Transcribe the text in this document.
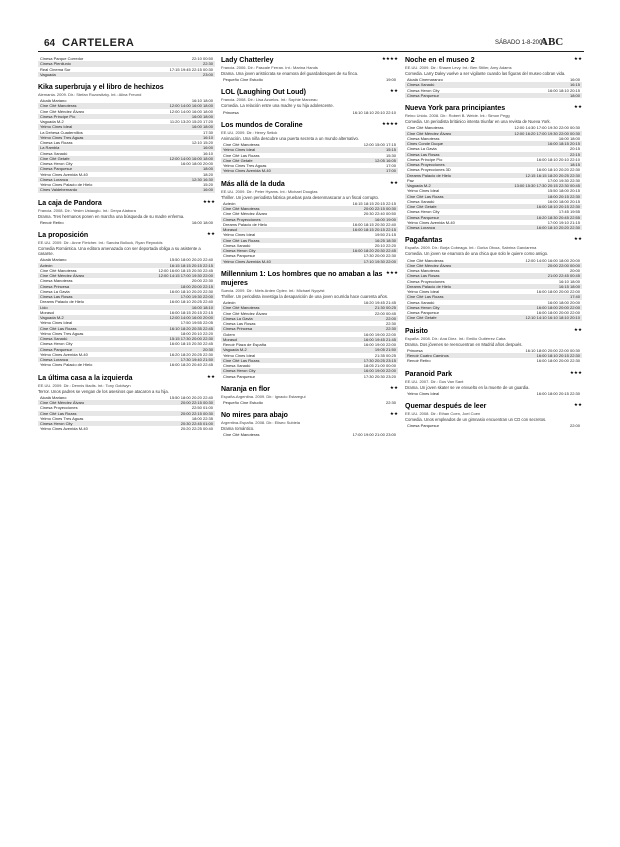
64 CARTELERA	SÁBADO 1-8-2009
ABC
Cinesa Parque Corredor	22:10 00:50
Cinesa Plenilunio	22:30
Real Cinema Sur	17:15 19:45 22:15 00:30
Vaguada	23:00
Kika superbruja y el libro de hechizos
Alemania. 2009. Dir.: Stefan Ruzowitzky. Int.: Alina Freund
Alcalá Mariano	16:10 18:00
Cine Cité Manoteras	12:00 14:00 16:00 18:00
Cine Cité Méndez Álvaro	12:00 14:00 16:00 18:00
Cinesa Príncipe Pío	16:00 18:00
Vaguada M-2	11:20 13:20 15:20 17:20
Yelmo Cines Ideal	16:00 18:00
La Dehesa Cuadernillos	17:30
Yelmo Cines Tres Aguas	16:10
Cinesa Las Rozas	12:10 15:20
La Rambla	16:00
Cinesa Xanadú	16:10
Cine Cité Getafe	12:00 14:00 16:00 18:00
Cinesa Heron City	16:00 18:00 20:00
Cinesa Parquesur	18:00
Yelmo Cines Avenida M-40	18:20
Cinesa Loranca	12:30 16:30
Yelmo Cines Palacio de Hielo	15:20
Cines Valdebernardo	16:00
★★★
La caja de Pandora
Francia. 2008. Dir.: Yesim Ustaoglu. Int.: Derya Alabora
Drama. Tres hermanos ponen en marcha una búsqueda de su madre enferma.
Renoir Retiro	16:00 18:00
★★
La proposición
EE.UU. 2009. Dir.: Anne Fletcher. Int.: Sandra Bullock, Ryan Reynolds
Comedia Romántica. Una editora amenazada con ser deportada obliga a su asistente a casarse.
Alcalá Mariano	15:50 18:00 20:20 22:40
Acteón	16:15 18:15 20:15 22:15
Cine Cité Manoteras	12:00 16:00 18:15 20:30 22:45
Cine Cité Méndez Álvaro	12:00 14:15 17:00 19:30 22:00
Cinesa Manoteras	20:00 22:30
Cinesa Princesa	18:00 20:00 22:15
Cinesa La Gavia	16:00 18:10 20:20 22:30
Cinesa Las Rosas	17:00 19:30 22:00
Dreams Palacio de Hielo	16:00 18:10 20:25 22:40
Lido	16:00 18:10
Morasol	16:00 18:15 20:15 22:15
Vaguada M-2	12:00 14:00 16:00 20:00
Yelmo Cines Ideal	17:50 19:55 22:05
Cine Cité Las Rozas	16:10 18:20 20:35 22:45
Yelmo Cines Tres Aguas	18:00 20:10 22:20
Cinesa Xanadú	15:15 17:30 20:00 22:30
Cinesa Heron City	16:00 18:15 20:30 22:45
Cinesa Parquesur	20:30
Yelmo Cines Avenida M-40	16:20 18:20 20:25 22:30
Cinesa Loranca	17:30 19:40 21:50
Yelmo Cines Palacio de Hielo	16:00 18:20 20:40 22:45
★★
La última casa a la izquierda
EE.UU. 2009. Dir.: Dennis Iliadis. Int.: Tony Goldwyn
Terror. Unos padres se vengan de los asesinos que atacaron a su hija.
Alcalá Mariano	15:50 18:00 20:20 22:40
Cine Cité Méndez Álvaro	20:00 22:15 00:30
Cinesa Proyecciones	22:50 01:00
Cine Cité Las Rozas	20:00 22:15 00:30
Yelmo Cines Tres Aguas	18:00 22:35
Cinesa Heron City	20:30 22:45 01:00
Yelmo Cines Avenida M-40	20:20 22:25 00:40
★★★★
Lady Chatterley
Francia. 2006. Dir.: Pascale Ferran. Int.: Marina Hands
Drama. Una joven aristócrata se enamora del guardabosques de su finca.
Pequeño Cine Estudio	19:00
★★
LOL (Laughing Out Loud)
Francia. 2008. Dir.: Lisa Azuelos. Int.: Sophie Marceau
Comedia. La relación entre una madre y su hija adolescente.
Princesa	16:10 18:10 20:10 22:10
★★★★
Los mundos de Coraline
EE.UU. 2009. Dir.: Henry Selick
Animación. Una niña descubre una puerta secreta a un mundo alternativo.
Cine Cité Manoteras	12:00 15:00 17:15
Yelmo Cines Ideal	15:15
Cine Cité Las Rozas	15:30
Cine Cité Getafe	12:05 16:05
Yelmo Cines Tres Aguas	17:00
Yelmo Cines Avenida M-40	17:00
★★
Más allá de la duda
EE.UU. 2009. Dir.: Peter Hyams. Int.: Michael Douglas
Thriller. Un joven periodista fabrica pruebas para desenmascarar a un fiscal corrupto.
Acteón	16:15 18:15 20:15 22:15
Cine Cité Manoteras	20:00 22:15 00:30
Cine Cité Méndez Álvaro	20:30 22:40 00:50
Cinesa Proyecciones	16:00 19:00
Dreams Palacio de Hielo	16:00 18:15 20:30 22:40
Morasol	16:00 18:15 20:15 22:15
Yelmo Cines Ideal	19:50 21:15
Cine Cité Las Rozas	16:25 18:30
Cinesa Xanadú	20:10 22:20
Cinesa Heron City	16:00 18:20 20:30 22:45
Cinesa Parquesur	17:30 20:00 22:30
Yelmo Cines Avenida M-40	17:10 19:30 22:00
★★★
Millennium 1: Los hombres que no amaban a las mujeres
Suecia. 2009. Dir.: Niels Arden Oplev. Int.: Michael Nyqvist
Thriller. Un periodista investiga la desaparición de una joven ocurrida hace cuarenta años.
Acteón	16:20 19:45 21:45
Cine Cité Manoteras	21:30 00:25
Cine Cité Méndez Álvaro	22:00 00:45
Cinesa La Gavia	22:00
Cinesa Las Rosas	22:30
Cinesa Princesa	22:30
Golem	16:00 19:00 22:00
Morasol	16:00 19:45 21:45
Renoir Plaza de España	16:00 19:00 22:00
Vaguada M-2	19:05 21:50
Yelmo Cines Ideal	21:35 00:25
Cine Cité Las Rozas	17:30 20:25 23:15
Cinesa Xanadú	18:05 21:00 00:00
Cinesa Heron City	16:00 19:00 22:00
Cinesa Parquesur	17:30 20:30 23:20
★★
Naranja en flor
España-Argentina. 2009. Dir.: Ignacio Estaregui
Pequeño Cine Estudio	22:30
★★
No mires para abajo
Argentina-España. 2008. Dir.: Eliseo Subiela
Drama romántico.
Cine Cité Manoteras	17:00 19:00 21:00 23:00
★★
Noche en el museo 2
EE.UU. 2009. Dir.: Shawn Levy. Int.: Ben Stiller, Amy Adams
Comedia. Larry Daley vuelve a ser vigilante cuando las figuras del museo cobran vida.
Alcalá Cinemaranzo	16:00
Cinesa Xanadú	16:15
Cinesa Heron City	16:00 18:10 20:15
Cinesa Parquesur	18:00
★★
Nueva York para principiantes
Reino Unido. 2008. Dir.: Robert B. Weide. Int.: Simon Pegg
Comedia. Un periodista británico intenta triunfar en una revista de Nueva York.
Cine Cité Manoteras	12:00 14:30 17:00 19:30 22:00 00:30
Cine Cité Méndez Álvaro	12:00 16:20 17:00 19:30 22:00 00:30
Cinesa Manoteras	16:00 18:00
Cines Conde Duque	16:00 18:15 20:15
Cinesa La Gavia	20:15
Cinesa Las Rosas	22:15
Cinesa Príncipe Pío	16:00 18:10 20:10 22:10
Cinesa Proyecciones	18:15
Cinesa Proyecciones 3D	16:00 18:10 20:20 22:30
Dreams Palacio de Hielo	12:15 16:15 18:20 20:25 22:30
Paz	17:00 19:30 22:30
Vaguada M-2	13:00 15:30 17:30 20:15 22:30 00:45
Yelmo Cines Ideal	15:50 18:00 20:15
Cine Cité Las Rozas	18:00 20:15 22:30
Cinesa Xanadú	16:00 18:00 20:15
Cine Cité Getafe	16:00 18:10 20:15 22:30
Cinesa Heron City	17:45 19:55
Cinesa Parquesur	16:20 18:30 20:45 22:55
Yelmo Cines Avenida M-40	17:00 19:10 21:15
Cinesa Loranca	16:00 18:10 20:20 22:30
★★
Pagafantas
España. 2009. Dir.: Borja Cobeaga. Int.: Gorka Otxoa, Sabrina Garciarena
Comedia. Un joven se enamora de una chica que solo le quiere como amigo.
Cine Cité Manoteras	12:00 14:00 16:00 18:00 20:00
Cine Cité Méndez Álvaro	20:00 22:00 00:00
Cinesa Manoteras	20:00
Cinesa Las Rosas	21:00 22:45 00:45
Cinesa Proyecciones	16:10 18:00
Dreams Palacio de Hielo	16:15 18:00
Yelmo Cines Ideal	16:00 18:00 20:00 22:00
Cine Cité Las Rozas	17:40
Cinesa Xanadú	16:00 18:00 20:00
Cinesa Heron City	16:00 18:00 20:00 22:00
Cinesa Parquesur	16:00 18:00 20:00 22:00
Cine Cité Getafe	12:10 14:10 16:10 18:10 20:10
★★
Paisito
España. 2008. Dir.: Ana Díez. Int.: Emilio Gutiérrez Caba
Drama. Dos jóvenes se reencuentran en Madrid años después.
Princesa	16:10 18:00 20:00 22:00 00:30
Renoir Cuatro Caminos	16:00 18:10 20:15 22:30
Renoir Retiro	16:00 18:00 20:00 22:30
★★★
Paranoid Park
EE.UU. 2007. Dir.: Gus Van Sant
Drama. Un joven skater se ve envuelto en la muerte de un guardia.
Yelmo Cines Ideal	16:00 18:00 20:15 22:30
★★
Quemar después de leer
EE.UU. 2008. Dir.: Ethan Coen, Joel Coen
Comedia. Unos empleados de un gimnasio encuentran un CD con secretos.
Cinesa Parquesur	22:00
